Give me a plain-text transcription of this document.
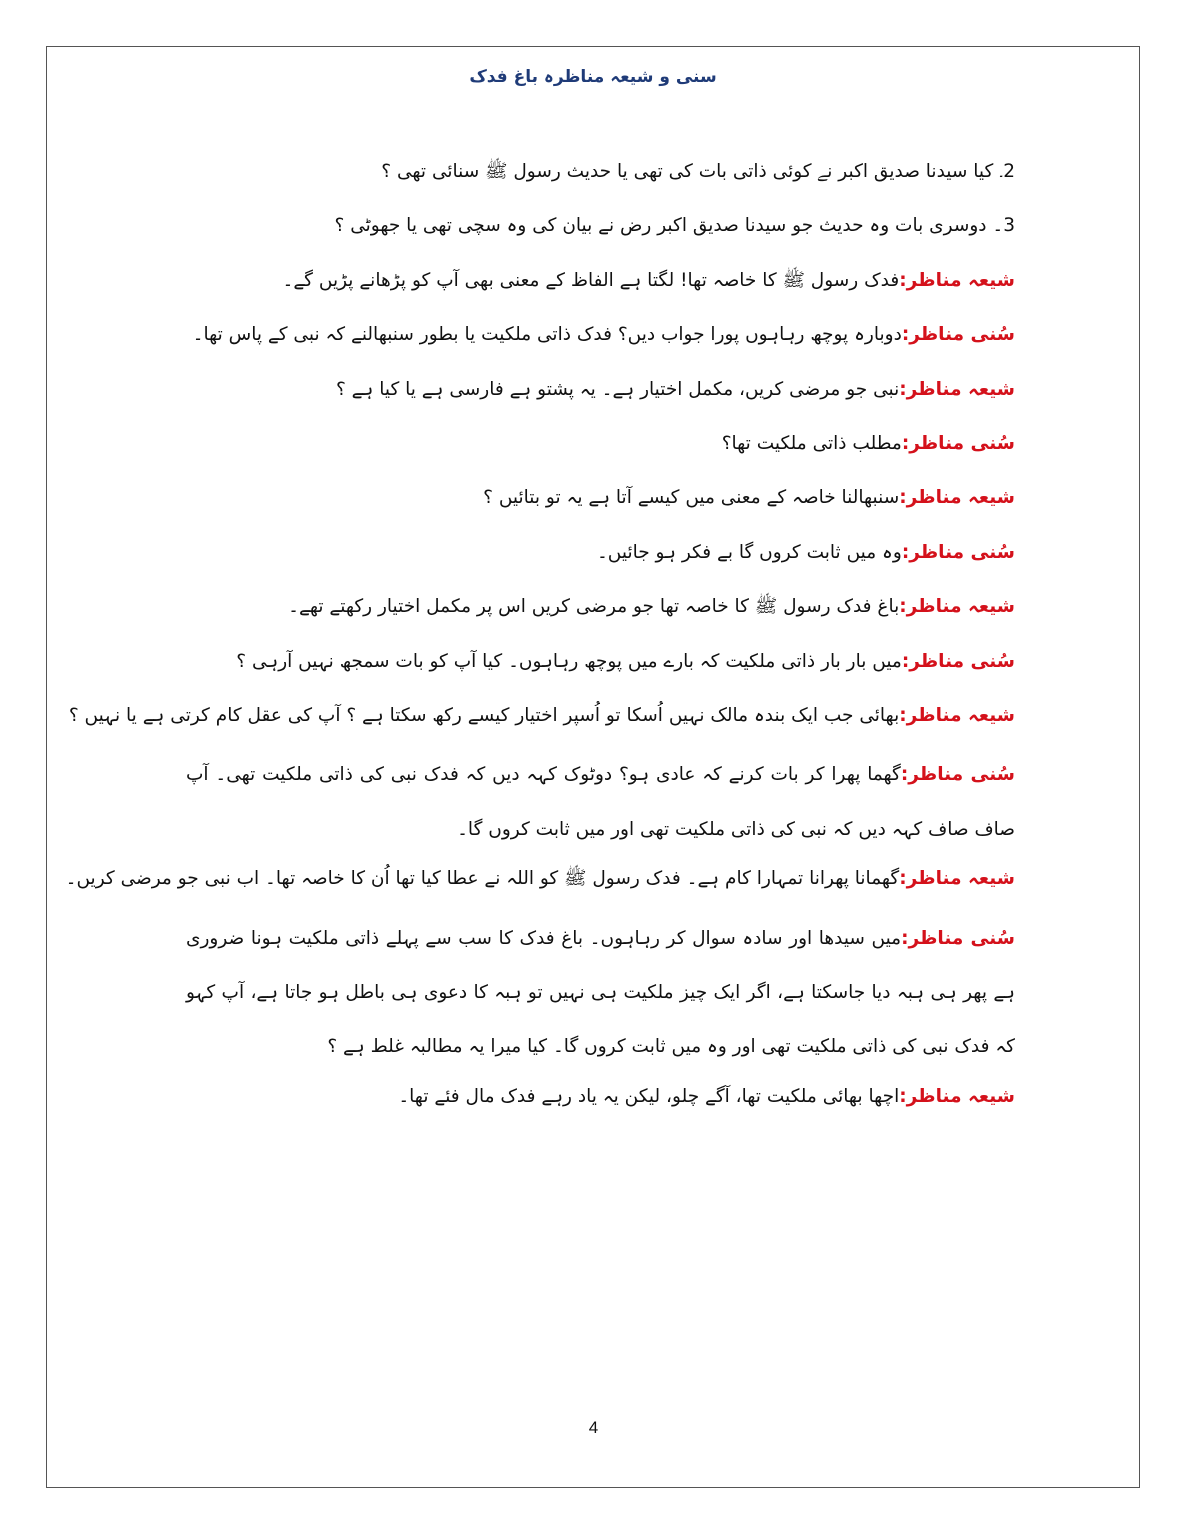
سنی و شیعہ مناظرہ باغ فدک
2۔ کیا سیدنا صدیق اکبر نے کوئی ذاتی بات کی تھی یا حدیث رسول ﷺ سنائی تھی ؟
3۔ دوسری بات وہ حدیث جو سیدنا صدیق اکبر رض نے بیان کی وہ سچی تھی یا جھوٹی ؟
شیعہ مناظر:فدک رسول ﷺ کا خاصہ تھا! لگتا ہے الفاظ کے معنی بھی آپ کو پڑھانے پڑیں گے۔
سُنی مناظر:دوبارہ پوچھ رہاہوں پورا جواب دیں؟ فدک ذاتی ملکیت یا بطور سنبھالنے کہ نبی کے پاس تھا۔
شیعہ مناظر:نبی جو مرضی کریں، مکمل اختیار ہے۔ یہ پشتو ہے فارسی ہے یا کیا ہے ؟
سُنی مناظر:مطلب ذاتی ملکیت تھا؟
شیعہ مناظر:سنبھالنا خاصہ کے معنی میں کیسے آتا ہے یہ تو بتائیں ؟
سُنی مناظر:وہ میں ثابت کروں گا بے فکر ہو جائیں۔
شیعہ مناظر:باغ فدک رسول ﷺ کا خاصہ تھا جو مرضی کریں اس پر مکمل اختیار رکھتے تھے۔
سُنی مناظر:میں بار بار ذاتی ملکیت کہ بارے میں پوچھ رہاہوں۔ کیا آپ کو بات سمجھ نہیں آرہی ؟
شیعہ مناظر:بھائی جب ایک بندہ مالک نہیں اُسکا تو اُسپر اختیار کیسے رکھ سکتا ہے ؟ آپ کی عقل کام کرتی ہے یا نہیں ؟
سُنی مناظر:گھما پھرا کر بات کرنے کہ عادی ہو؟ دوٹوک کہہ دیں کہ فدک نبی کی ذاتی ملکیت تھی۔ آپ صاف صاف کہہ دیں کہ نبی کی ذاتی ملکیت تھی اور میں ثابت کروں گا۔
شیعہ مناظر:گھمانا پھرانا تمہارا کام ہے۔ فدک رسول ﷺ کو اللہ نے عطا کیا تھا اُن کا خاصہ تھا۔ اب نبی جو مرضی کریں۔
سُنی مناظر:میں سیدھا اور سادہ سوال کر رہاہوں۔ باغ فدک کا سب سے پہلے ذاتی ملکیت ہونا ضروری ہے پھر ہی ہبہ دیا جاسکتا ہے، اگر ایک چیز ملکیت ہی نہیں تو ہبہ کا دعوی ہی باطل ہو جاتا ہے، آپ کہو کہ فدک نبی کی ذاتی ملکیت تھی اور وہ میں ثابت کروں گا۔ کیا میرا یہ مطالبہ غلط ہے ؟
شیعہ مناظر:اچھا بھائی ملکیت تھا، آگے چلو، لیکن یہ یاد رہے فدک مال فئے تھا۔
4
